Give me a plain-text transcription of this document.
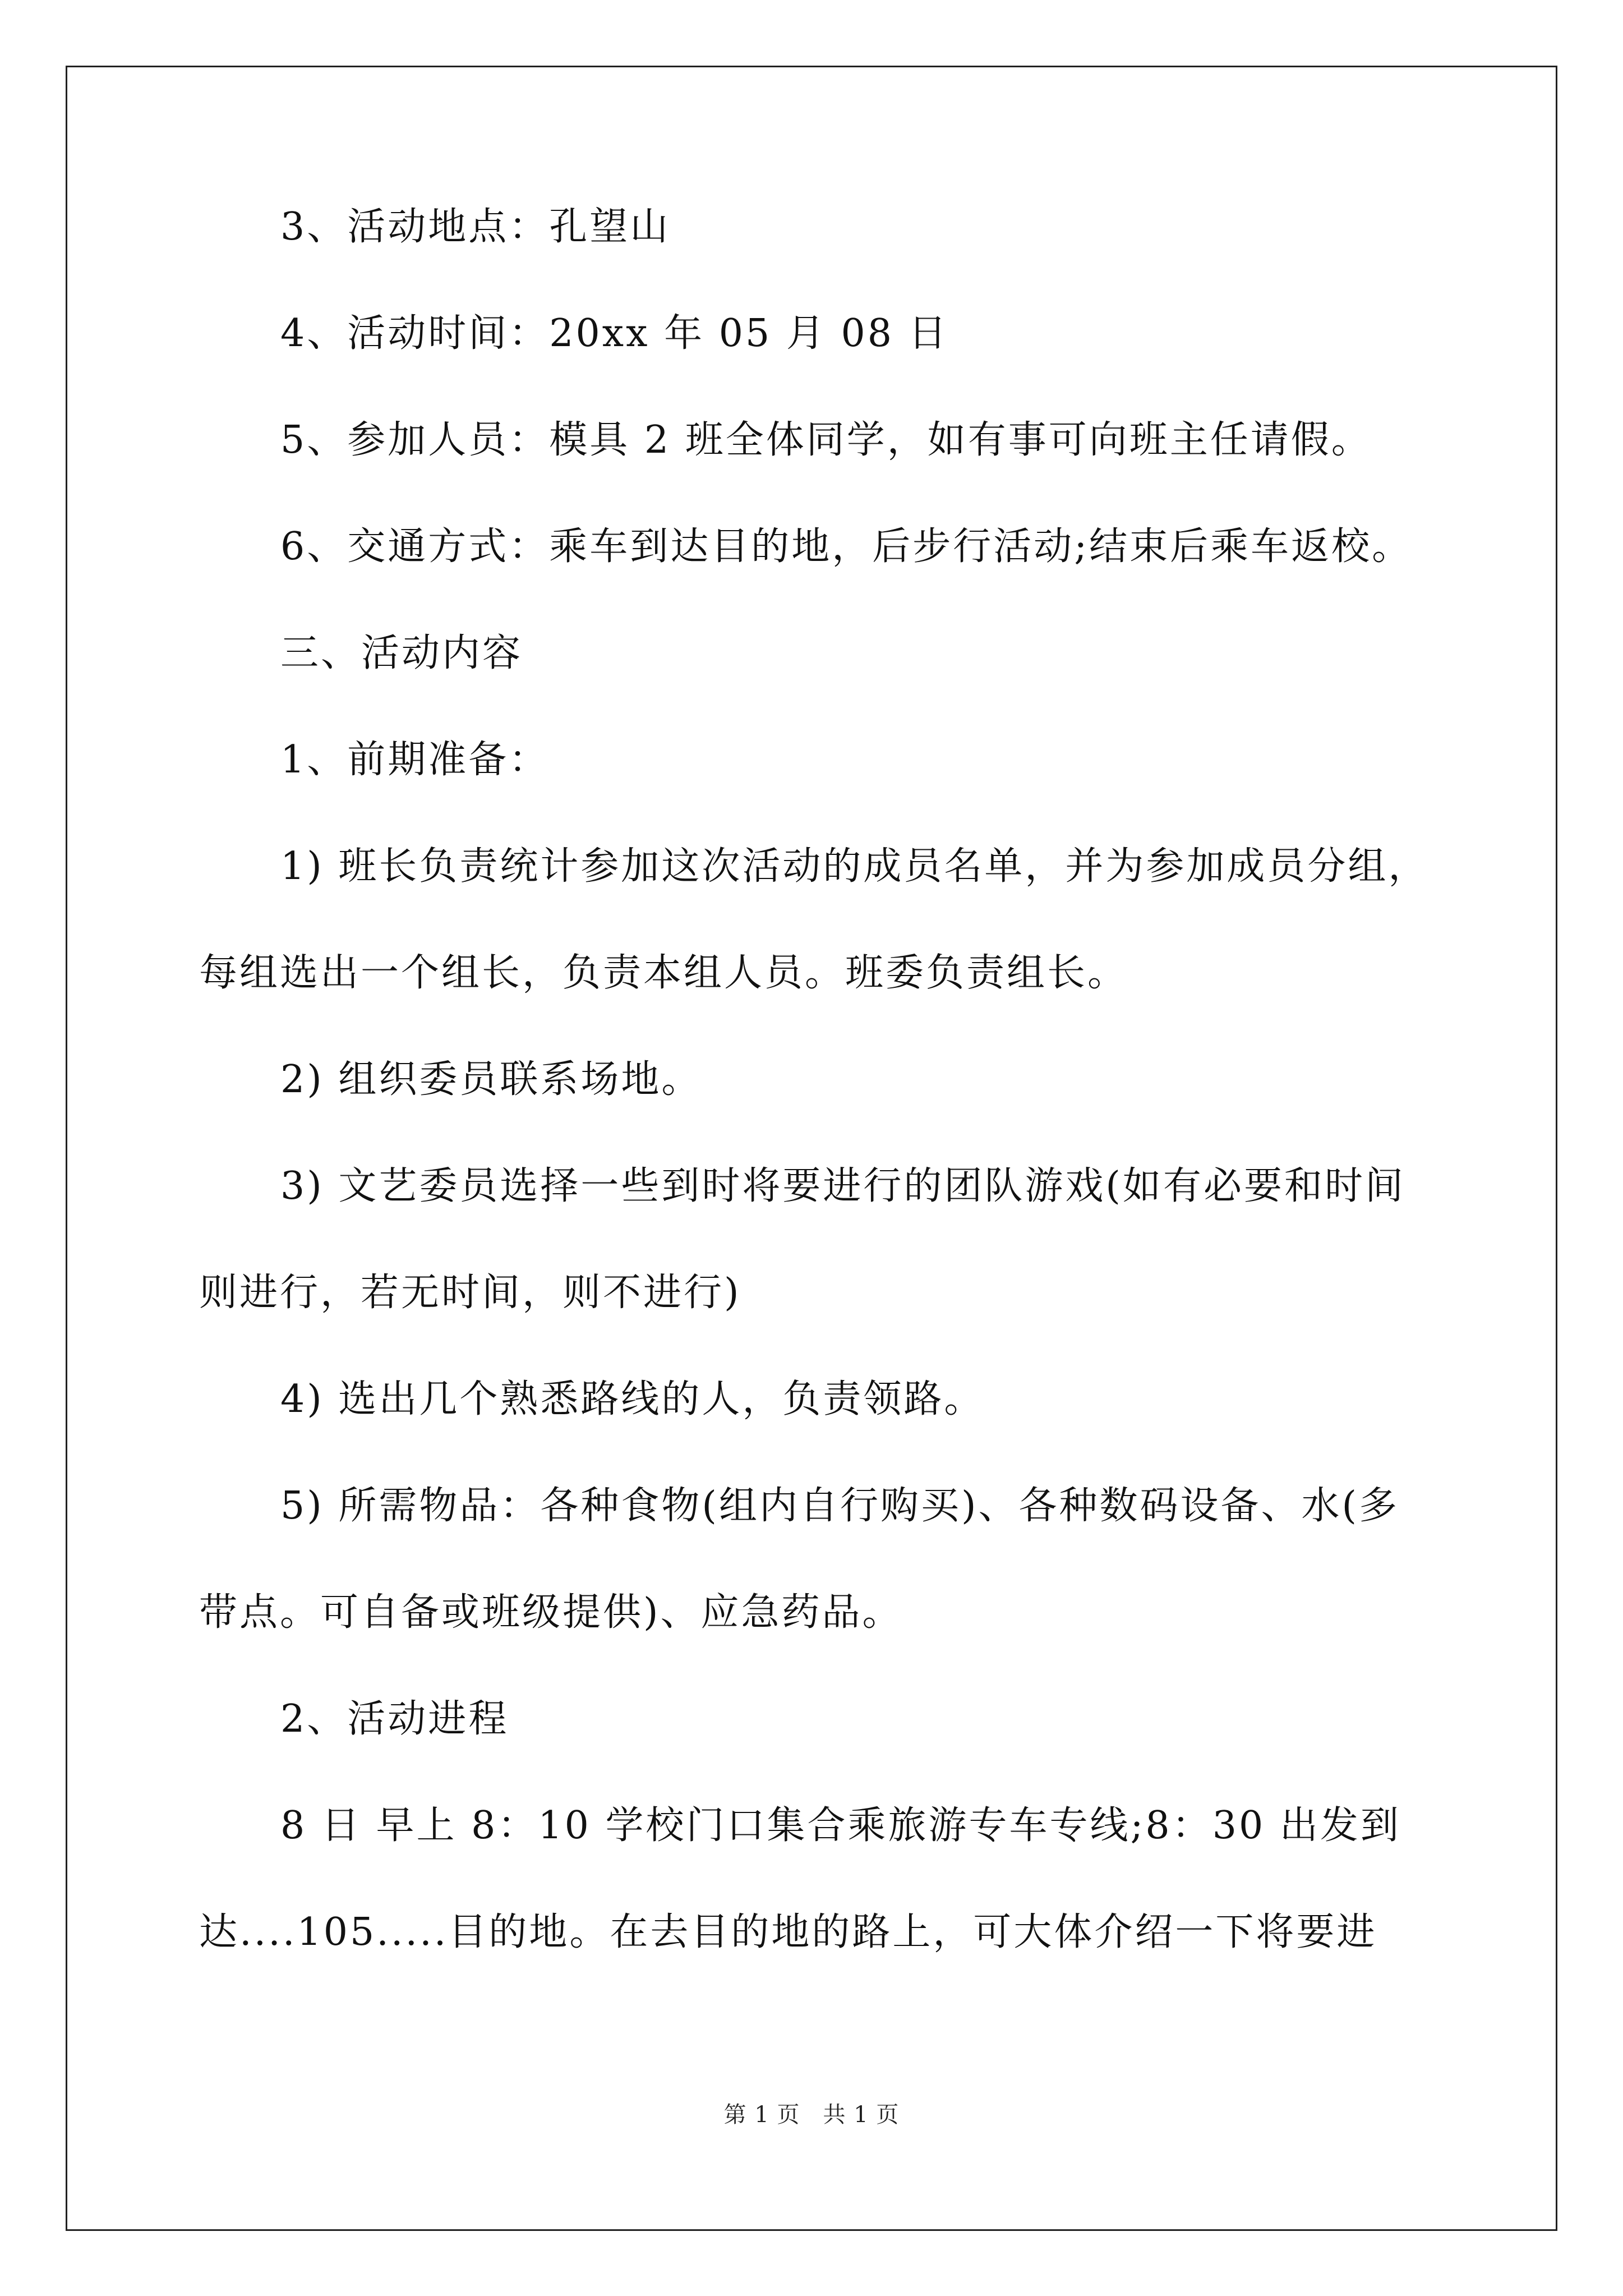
3、活动地点：孔望山
4、活动时间：20xx 年 05 月 08 日
5、参加人员：模具 2 班全体同学，如有事可向班主任请假。
6、交通方式：乘车到达目的地，后步行活动;结束后乘车返校。
三、活动内容
1、前期准备：
1) 班长负责统计参加这次活动的成员名单，并为参加成员分组，
每组选出一个组长，负责本组人员。班委负责组长。
2) 组织委员联系场地。
3) 文艺委员选择一些到时将要进行的团队游戏(如有必要和时间
则进行，若无时间，则不进行)
4) 选出几个熟悉路线的人，负责领路。
5) 所需物品：各种食物(组内自行购买)、各种数码设备、水(多
带点。可自备或班级提供)、应急药品。
2、活动进程
8 日 早上 8：10 学校门口集合乘旅游专车专线;8：30 出发到
达....105.....目的地。在去目的地的路上，可大体介绍一下将要进
第 1 页　共 1 页
